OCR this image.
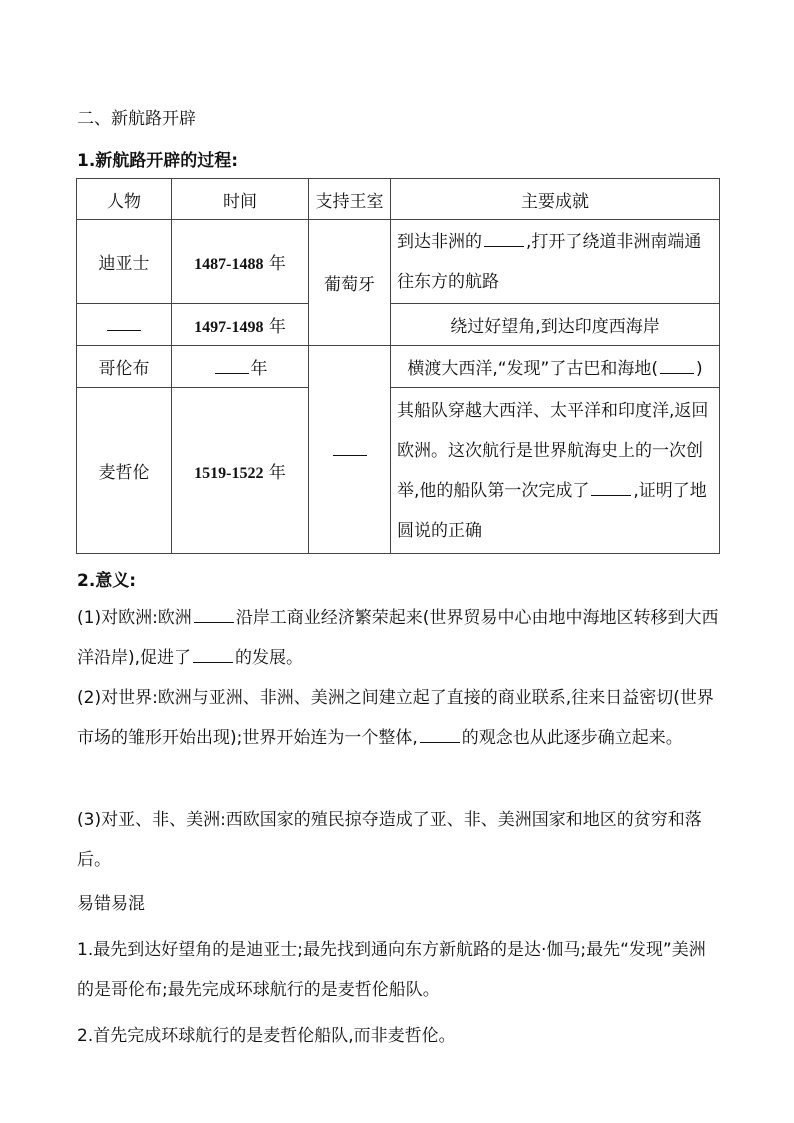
二、新航路开辟
1.新航路开辟的过程:
人物	时间	支持王室	主要成就
迪亚士	1487-1488 年	葡萄牙	到达非洲的 ,打开了绕道非洲南端通往东方的航路
	1497-1498 年		绕过好望角,到达印度西海岸
哥伦布	年		横渡大西洋,“发现”了古巴和海地( )
麦哲伦	1519-1522 年		其船队穿越大西洋、太平洋和印度洋,返回欧洲。这次航行是世界航海史上的一次创举,他的船队第一次完成了 ,证明了地圆说的正确
2.意义:
(1)对欧洲:欧洲	沿岸工商业经济繁荣起来(世界贸易中心由地中海地区转移到大西洋沿岸),促进了	的发展。
(2)对世界:欧洲与亚洲、非洲、美洲之间建立起了直接的商业联系,往来日益密切(世界市场的雏形开始出现);世界开始连为一个整体,	的观念也从此逐步确立起来。
(3)对亚、非、美洲:西欧国家的殖民掠夺造成了亚、非、美洲国家和地区的贫穷和落后。
易错易混
1.最先到达好望角的是迪亚士;最先找到通向东方新航路的是达·伽马;最先“发现”美洲的是哥伦布;最先完成环球航行的是麦哲伦船队。
2.首先完成环球航行的是麦哲伦船队,而非麦哲伦。
